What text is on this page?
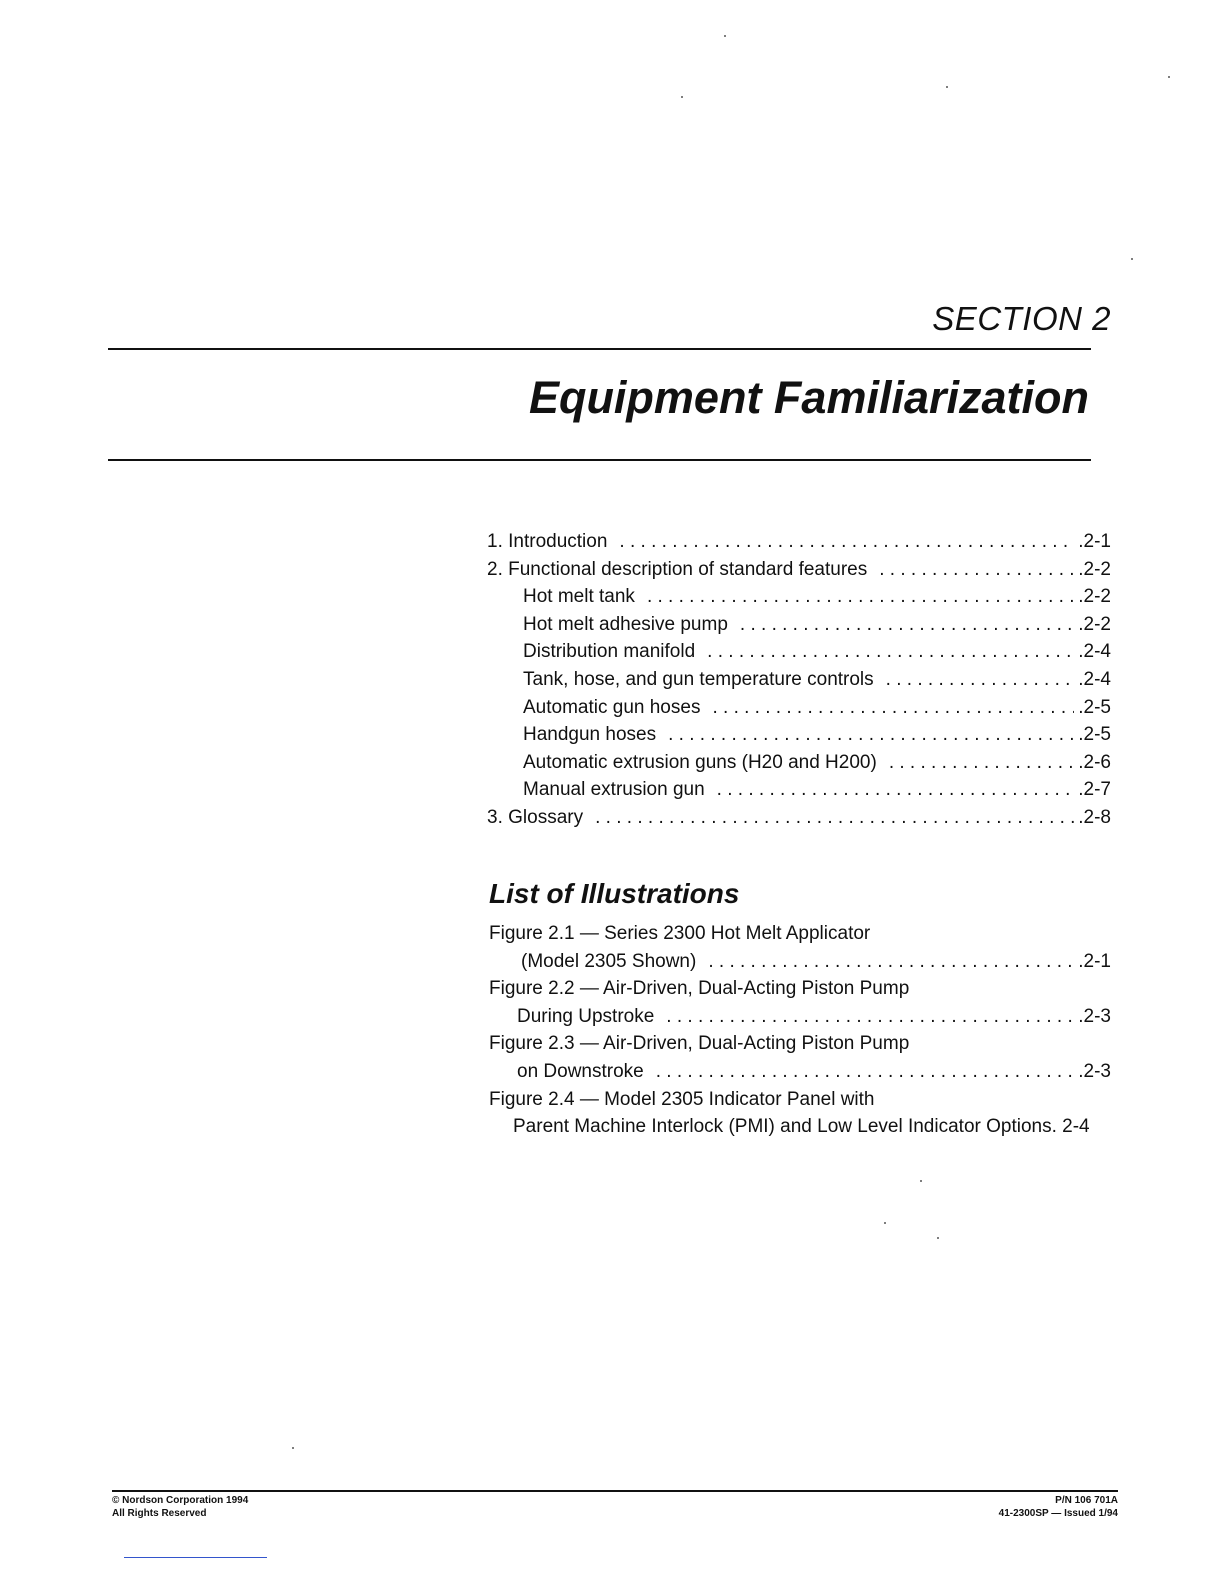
SECTION 2
Equipment Familiarization
1. Introduction . . .	.2-1
2. Functional description of standard features . . .	.2-2
Hot melt tank . . .	.2-2
Hot melt adhesive pump . . .	.2-2
Distribution manifold . . .	.2-4
Tank, hose, and gun temperature controls . . .	.2-4
Automatic gun hoses . . .	.2-5
Handgun hoses . . .	.2-5
Automatic extrusion guns (H20 and H200) . . .	.2-6
Manual extrusion gun . . .	.2-7
3. Glossary . . .	.2-8
List of Illustrations
Figure 2.1 — Series 2300 Hot Melt Applicator
(Model 2305 Shown) . . .	.2-1
Figure 2.2 — Air-Driven, Dual-Acting Piston Pump
During Upstroke . . .	.2-3
Figure 2.3 — Air-Driven, Dual-Acting Piston Pump
on Downstroke . . .	.2-3
Figure 2.4 — Model 2305 Indicator Panel with
Parent Machine Interlock (PMI) and Low Level Indicator Options. 2-4
© Nordson Corporation 1994
All Rights Reserved
P/N 106 701A
41-2300SP — Issued 1/94
